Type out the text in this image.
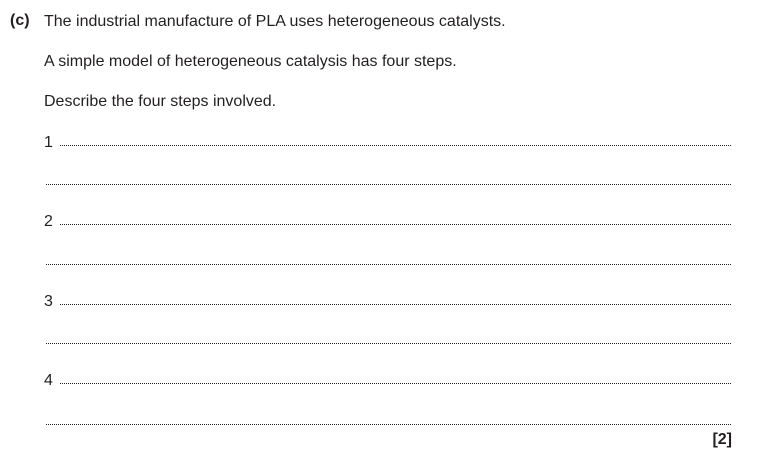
(c) The industrial manufacture of PLA uses heterogeneous catalysts.
A simple model of heterogeneous catalysis has four steps.
Describe the four steps involved.
1
2
3
4
[2]
